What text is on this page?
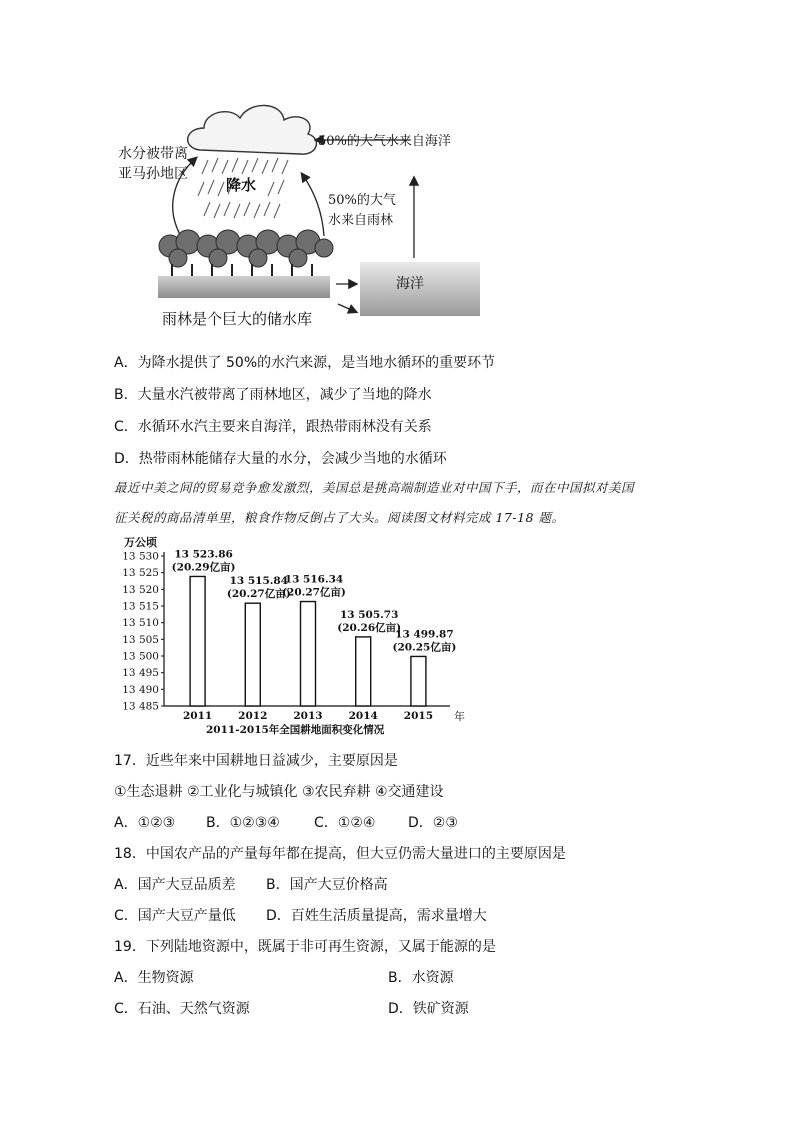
降水
水分被带离
亚马孙地区
50%的大气水来自海洋
50%的大气
水来自雨林
海洋
雨林是个巨大的储水库
A．为降水提供了 50%的水汽来源，是当地水循环的重要环节
B．大量水汽被带离了雨林地区，减少了当地的降水
C．水循环水汽主要来自海洋，跟热带雨林没有关系
D．热带雨林能储存大量的水分，会减少当地的水循环
最近中美之间的贸易竞争愈发激烈，美国总是挑高端制造业对中国下手，而在中国拟对美国
征关税的商品清单里，粮食作物反倒占了大头。阅读图文材料完成 17-18 题。
万公顷
年
2011-2015年全国耕地面积变化情况
13 530
13 525
13 520
13 515
13 510
13 505
13 500
13 495
13 490
13 485
2011
13 523.86
(20.29亿亩)
2012
13 515.84
(20.27亿亩)
2013
13 516.34
(20.27亿亩)
2014
13 505.73
(20.26亿亩)
2015
13 499.87
(20.25亿亩)
17．近些年来中国耕地日益减少，主要原因是
①生态退耕 ②工业化与城镇化 ③农民弃耕 ④交通建设
A．①②③ B．①②③④ C．①②④ D．②③
18．中国农产品的产量每年都在提高，但大豆仍需大量进口的主要原因是
A．国产大豆品质差 B．国产大豆价格高
C．国产大豆产量低 D．百姓生活质量提高，需求量增大
19．下列陆地资源中，既属于非可再生资源，又属于能源的是
A．生物资源	B．水资源
C．石油、天然气资源	D．铁矿资源
